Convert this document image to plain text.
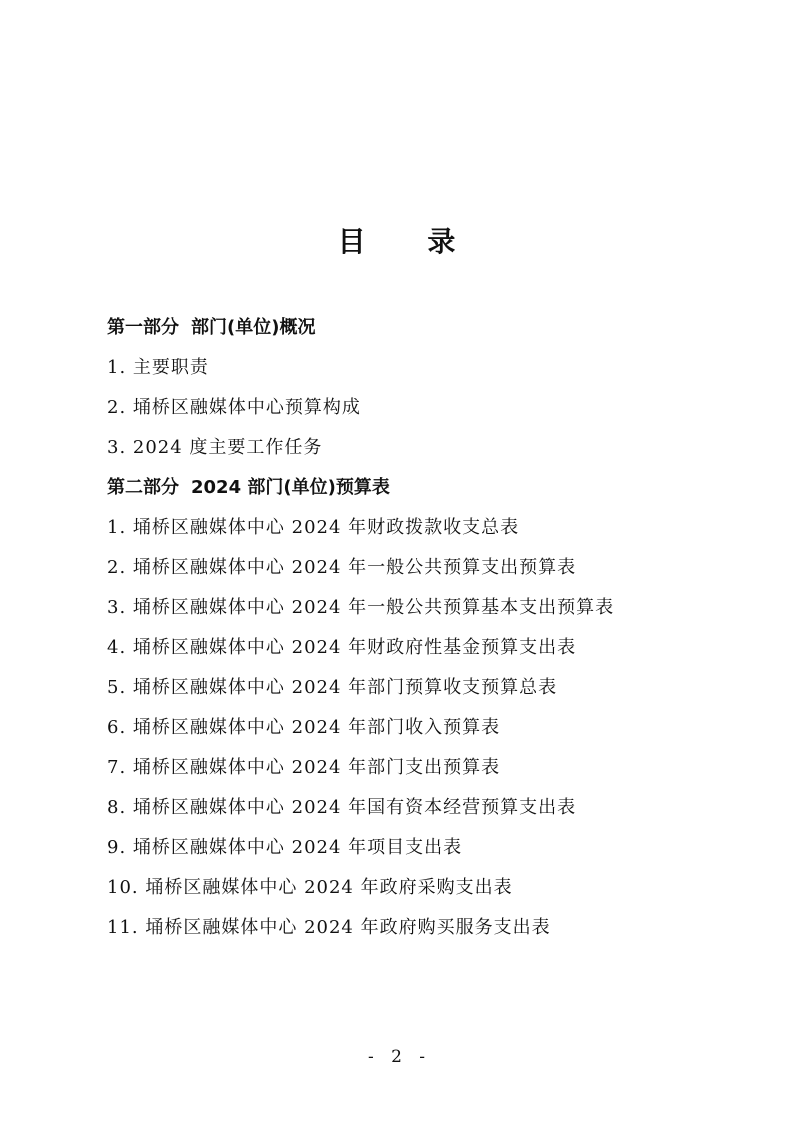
目 录
第一部分 部门(单位)概况
1. 主要职责
2. 埇桥区融媒体中心预算构成
3. 2024 度主要工作任务
第二部分 2024 部门(单位)预算表
1. 埇桥区融媒体中心 2024 年财政拨款收支总表
2. 埇桥区融媒体中心 2024 年一般公共预算支出预算表
3. 埇桥区融媒体中心 2024 年一般公共预算基本支出预算表
4. 埇桥区融媒体中心 2024 年财政府性基金预算支出表
5. 埇桥区融媒体中心 2024 年部门预算收支预算总表
6. 埇桥区融媒体中心 2024 年部门收入预算表
7. 埇桥区融媒体中心 2024 年部门支出预算表
8. 埇桥区融媒体中心 2024 年国有资本经营预算支出表
9. 埇桥区融媒体中心 2024 年项目支出表
10. 埇桥区融媒体中心 2024 年政府采购支出表
11. 埇桥区融媒体中心 2024 年政府购买服务支出表
- 2 -
